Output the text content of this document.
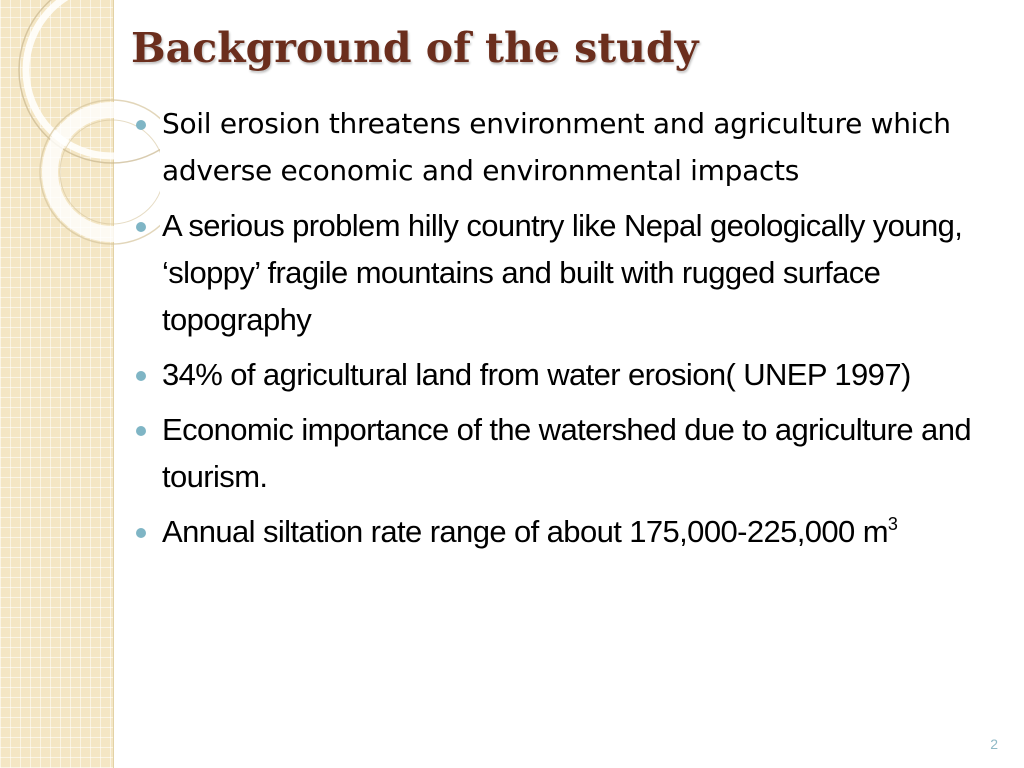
Background of the study
Soil erosion threatens environment and agriculture which adverse economic and environmental impacts
A serious problem hilly country like Nepal geologically young, ‘sloppy’ fragile mountains and built with rugged surface topography
34% of agricultural land from water erosion( UNEP 1997)
Economic importance of the watershed due to agriculture and tourism.
Annual siltation rate range of about 175,000-225,000 $m^3$
2
